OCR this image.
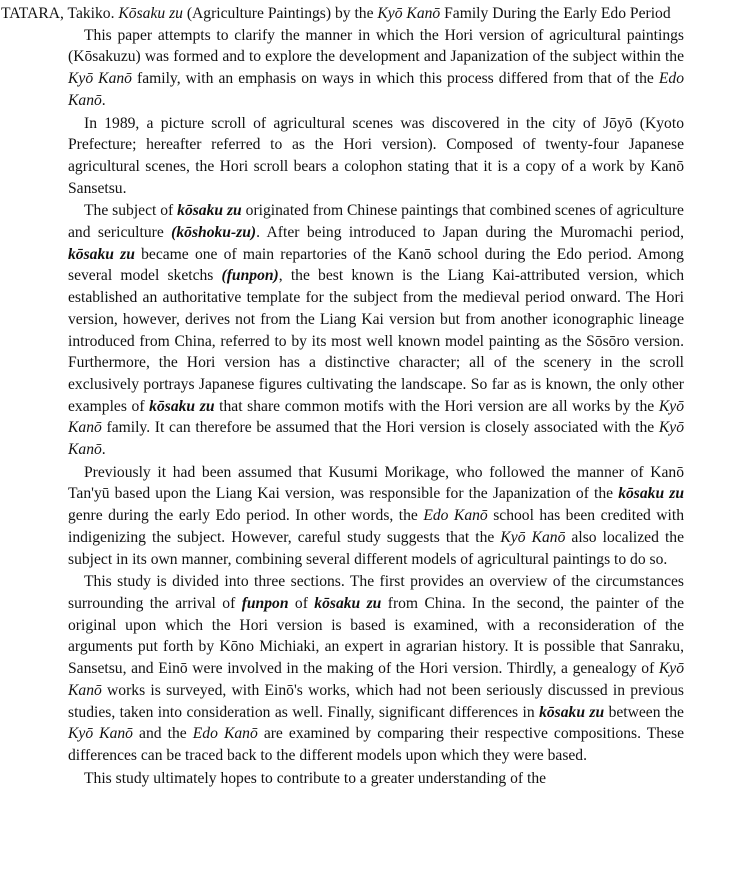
TATARA, Takiko. Kōsaku zu (Agriculture Paintings) by the Kyō Kanō Family During the Early Edo Period

This paper attempts to clarify the manner in which the Hori version of agricultural paintings (Kōsakuzu) was formed and to explore the development and Japanization of the subject within the Kyō Kanō family, with an emphasis on ways in which this process differed from that of the Edo Kanō.

In 1989, a picture scroll of agricultural scenes was discovered in the city of Jōyō (Kyoto Prefecture; hereafter referred to as the Hori version). Composed of twenty-four Japanese agricultural scenes, the Hori scroll bears a colophon stating that it is a copy of a work by Kanō Sansetsu.

The subject of kōsaku zu originated from Chinese paintings that combined scenes of agriculture and sericulture (kōshoku-zu). After being introduced to Japan during the Muromachi period, kōsaku zu became one of main repartories of the Kanō school during the Edo period. Among several model sketchs (funpon), the best known is the Liang Kai-attributed version, which established an authoritative template for the subject from the medieval period onward. The Hori version, however, derives not from the Liang Kai version but from another iconographic lineage introduced from China, referred to by its most well known model painting as the Sōsōro version. Furthermore, the Hori version has a distinctive character; all of the scenery in the scroll exclusively portrays Japanese figures cultivating the landscape. So far as is known, the only other examples of kōsaku zu that share common motifs with the Hori version are all works by the Kyō Kanō family. It can therefore be assumed that the Hori version is closely associated with the Kyō Kanō.

Previously it had been assumed that Kusumi Morikage, who followed the manner of Kanō Tan'yū based upon the Liang Kai version, was responsible for the Japanization of the kōsaku zu genre during the early Edo period. In other words, the Edo Kanō school has been credited with indigenizing the subject. However, careful study suggests that the Kyō Kanō also localized the subject in its own manner, combining several different models of agricultural paintings to do so.

This study is divided into three sections. The first provides an overview of the circumstances surrounding the arrival of funpon of kōsaku zu from China. In the second, the painter of the original upon which the Hori version is based is examined, with a reconsideration of the arguments put forth by Kōno Michiaki, an expert in agrarian history. It is possible that Sanraku, Sansetsu, and Einō were involved in the making of the Hori version. Thirdly, a genealogy of Kyō Kanō works is surveyed, with Einō's works, which had not been seriously discussed in previous studies, taken into consideration as well. Finally, significant differences in kōsaku zu between the Kyō Kanō and the Edo Kanō are examined by comparing their respective compositions. These differences can be traced back to the different models upon which they were based.

This study ultimately hopes to contribute to a greater understanding of the
